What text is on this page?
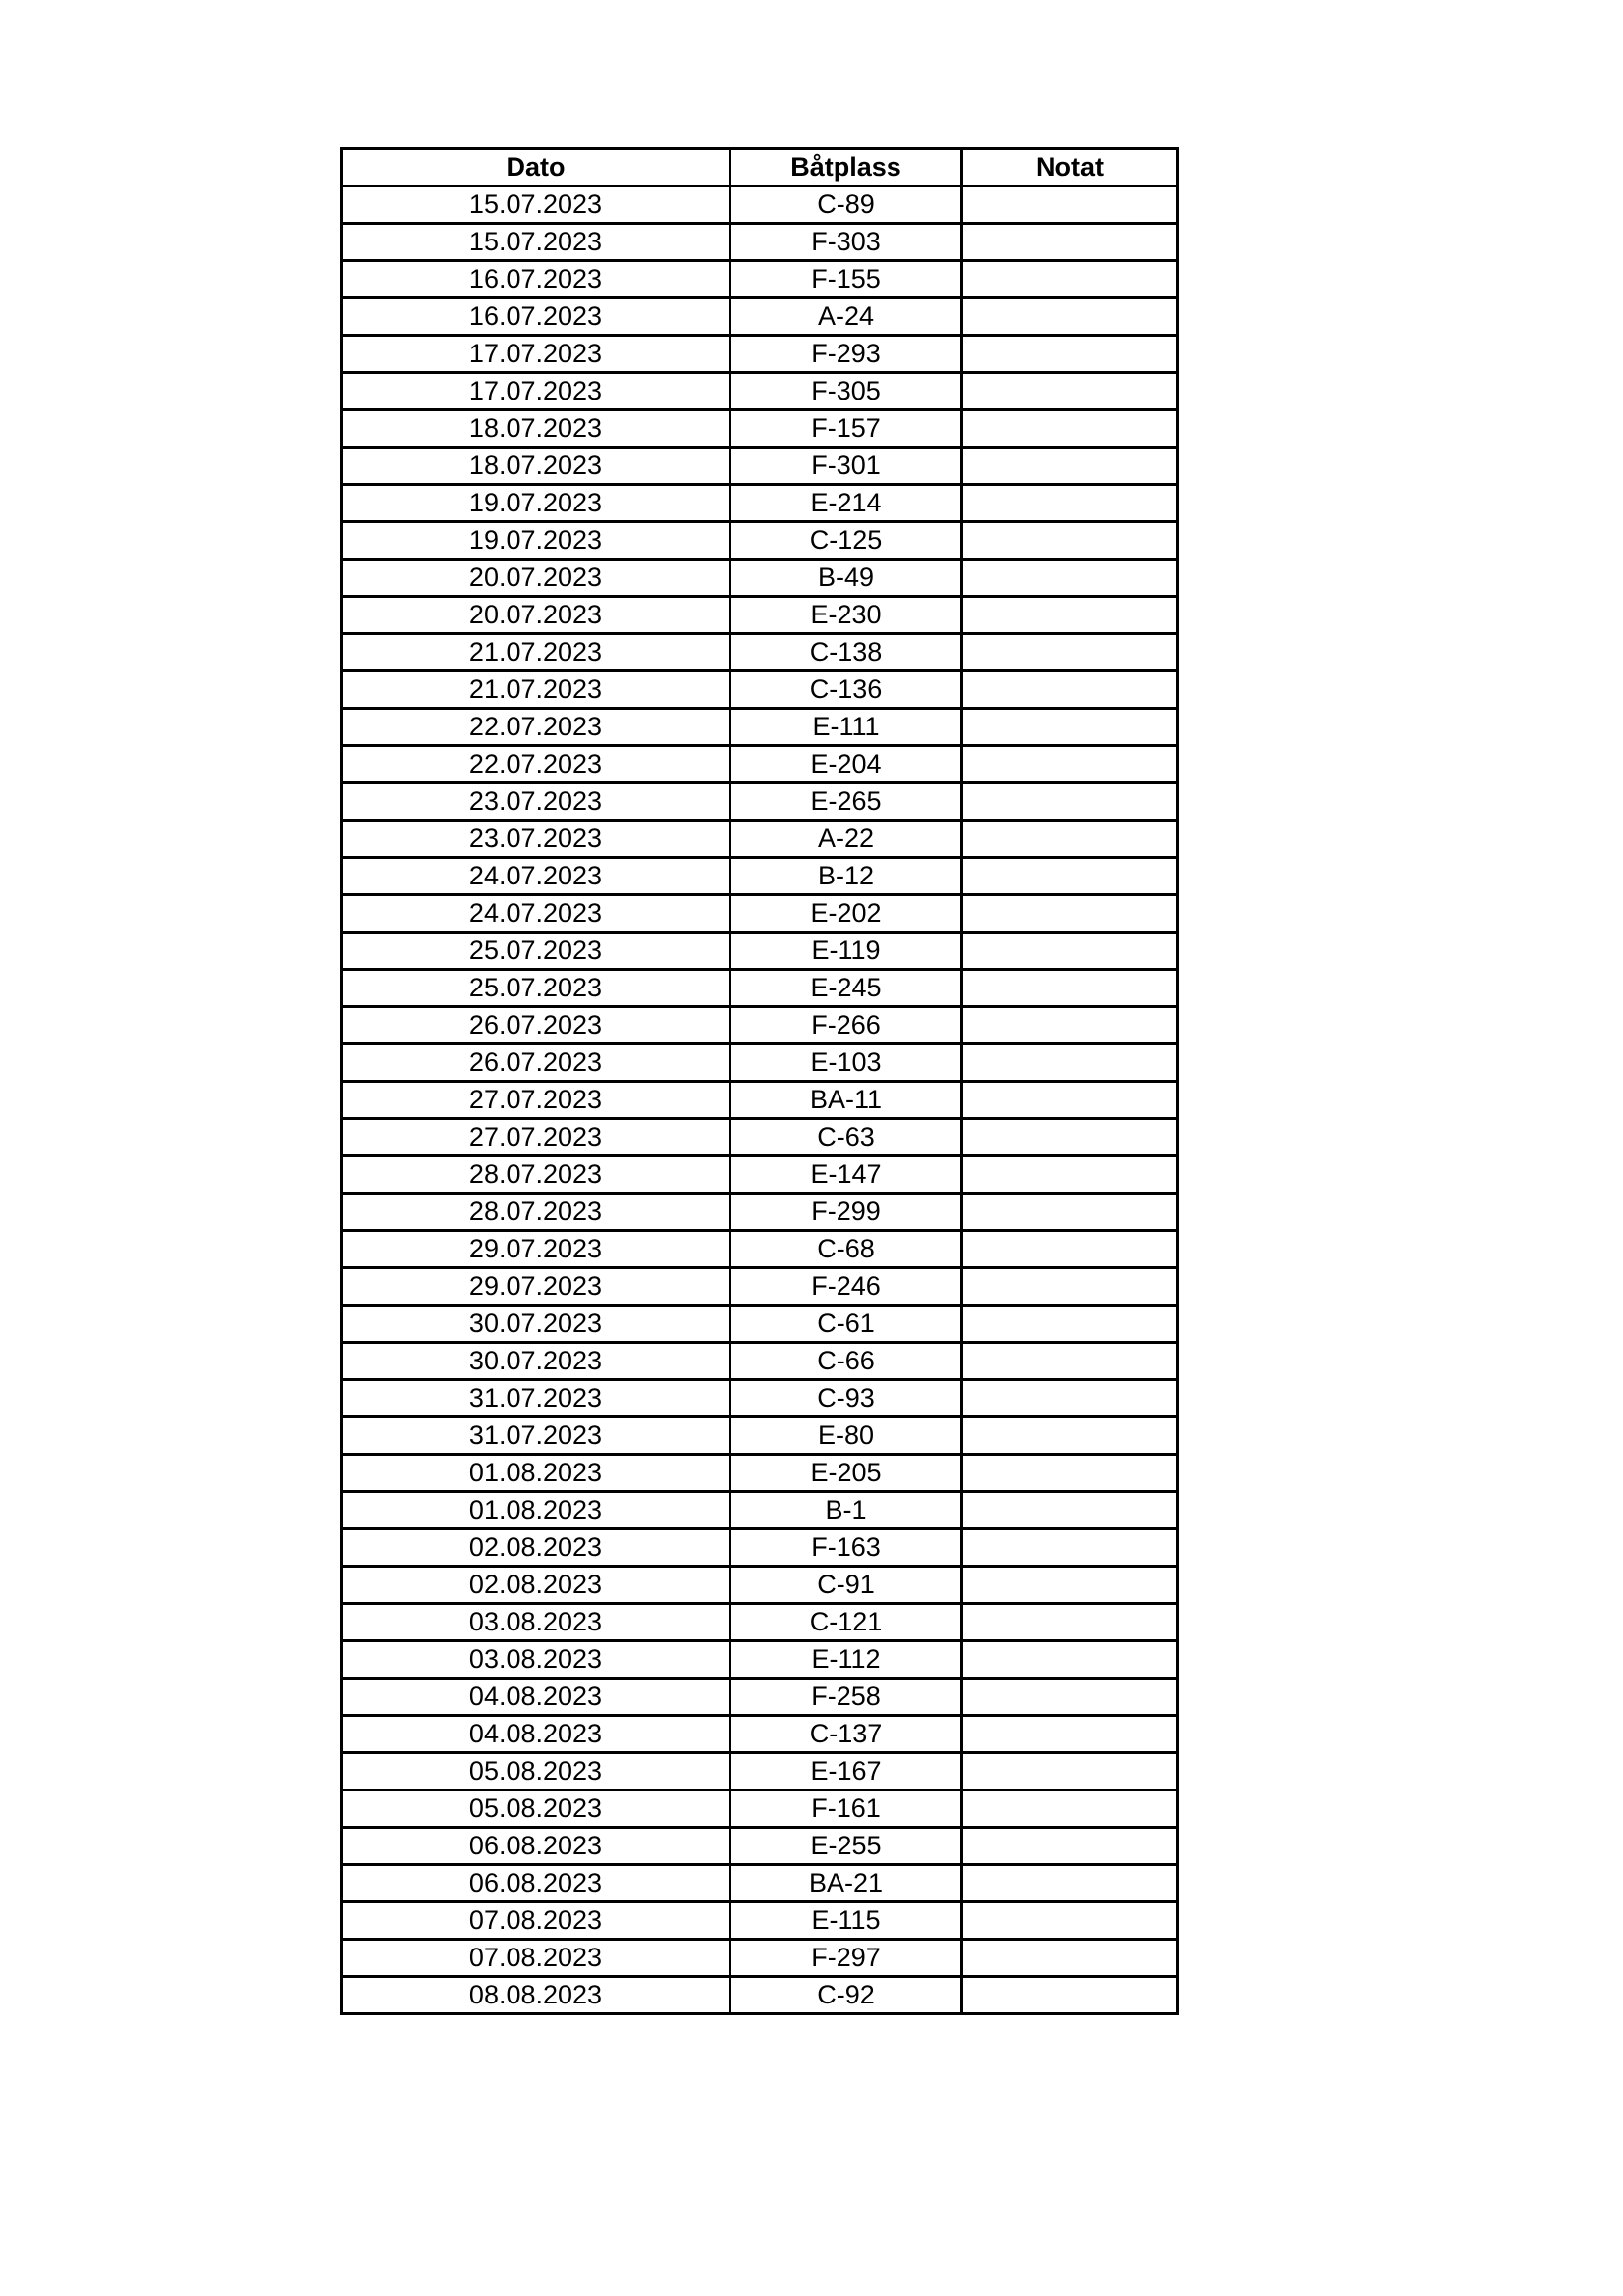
Dato	Båtplass	Notat
15.07.2023	C-89	
15.07.2023	F-303	
16.07.2023	F-155	
16.07.2023	A-24	
17.07.2023	F-293	
17.07.2023	F-305	
18.07.2023	F-157	
18.07.2023	F-301	
19.07.2023	E-214	
19.07.2023	C-125	
20.07.2023	B-49	
20.07.2023	E-230	
21.07.2023	C-138	
21.07.2023	C-136	
22.07.2023	E-111	
22.07.2023	E-204	
23.07.2023	E-265	
23.07.2023	A-22	
24.07.2023	B-12	
24.07.2023	E-202	
25.07.2023	E-119	
25.07.2023	E-245	
26.07.2023	F-266	
26.07.2023	E-103	
27.07.2023	BA-11	
27.07.2023	C-63	
28.07.2023	E-147	
28.07.2023	F-299	
29.07.2023	C-68	
29.07.2023	F-246	
30.07.2023	C-61	
30.07.2023	C-66	
31.07.2023	C-93	
31.07.2023	E-80	
01.08.2023	E-205	
01.08.2023	B-1	
02.08.2023	F-163	
02.08.2023	C-91	
03.08.2023	C-121	
03.08.2023	E-112	
04.08.2023	F-258	
04.08.2023	C-137	
05.08.2023	E-167	
05.08.2023	F-161	
06.08.2023	E-255	
06.08.2023	BA-21	
07.08.2023	E-115	
07.08.2023	F-297	
08.08.2023	C-92	
